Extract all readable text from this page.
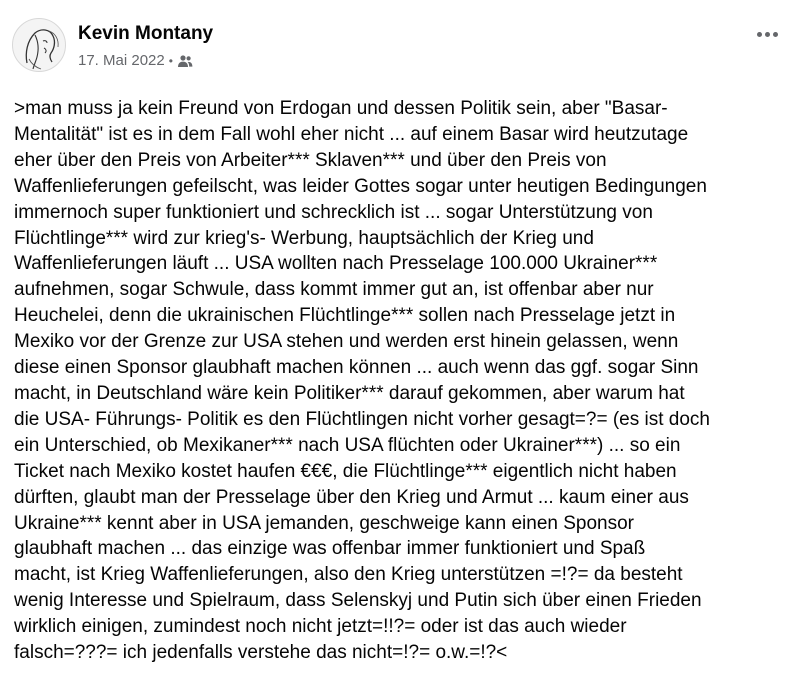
Kevin Montany
17. Mai 2022 •

>man muss ja kein Freund von Erdogan und dessen Politik sein, aber "Basar-
Mentalität" ist es in dem Fall wohl eher nicht ... auf einem Basar wird heutzutage
eher über den Preis von Arbeiter*** Sklaven*** und über den Preis von
Waffenlieferungen gefeilscht, was leider Gottes sogar unter heutigen Bedingungen
immernoch super funktioniert und schrecklich ist ... sogar Unterstützung von
Flüchtlinge*** wird zur krieg's- Werbung, hauptsächlich der Krieg und
Waffenlieferungen läuft ... USA wollten nach Presselage 100.000 Ukrainer***
aufnehmen, sogar Schwule, dass kommt immer gut an, ist offenbar aber nur
Heuchelei, denn die ukrainischen Flüchtlinge*** sollen nach Presselage jetzt in
Mexiko vor der Grenze zur USA stehen und werden erst hinein gelassen, wenn
diese einen Sponsor glaubhaft machen können ... auch wenn das ggf. sogar Sinn
macht, in Deutschland wäre kein Politiker*** darauf gekommen, aber warum hat
die USA- Führungs- Politik es den Flüchtlingen nicht vorher gesagt=?= (es ist doch
ein Unterschied, ob Mexikaner*** nach USA flüchten oder Ukrainer***) ... so ein
Ticket nach Mexiko kostet haufen €€€, die Flüchtlinge*** eigentlich nicht haben
dürften, glaubt man der Presselage über den Krieg und Armut ... kaum einer aus
Ukraine*** kennt aber in USA jemanden, geschweige kann einen Sponsor
glaubhaft machen ... das einzige was offenbar immer funktioniert und Spaß
macht, ist Krieg Waffenlieferungen, also den Krieg unterstützen =!?= da besteht
wenig Interesse und Spielraum, dass Selenskyj und Putin sich über einen Frieden
wirklich einigen, zumindest noch nicht jetzt=!!?= oder ist das auch wieder
falsch=???= ich jedenfalls verstehe das nicht=!?= o.w.=!?<
